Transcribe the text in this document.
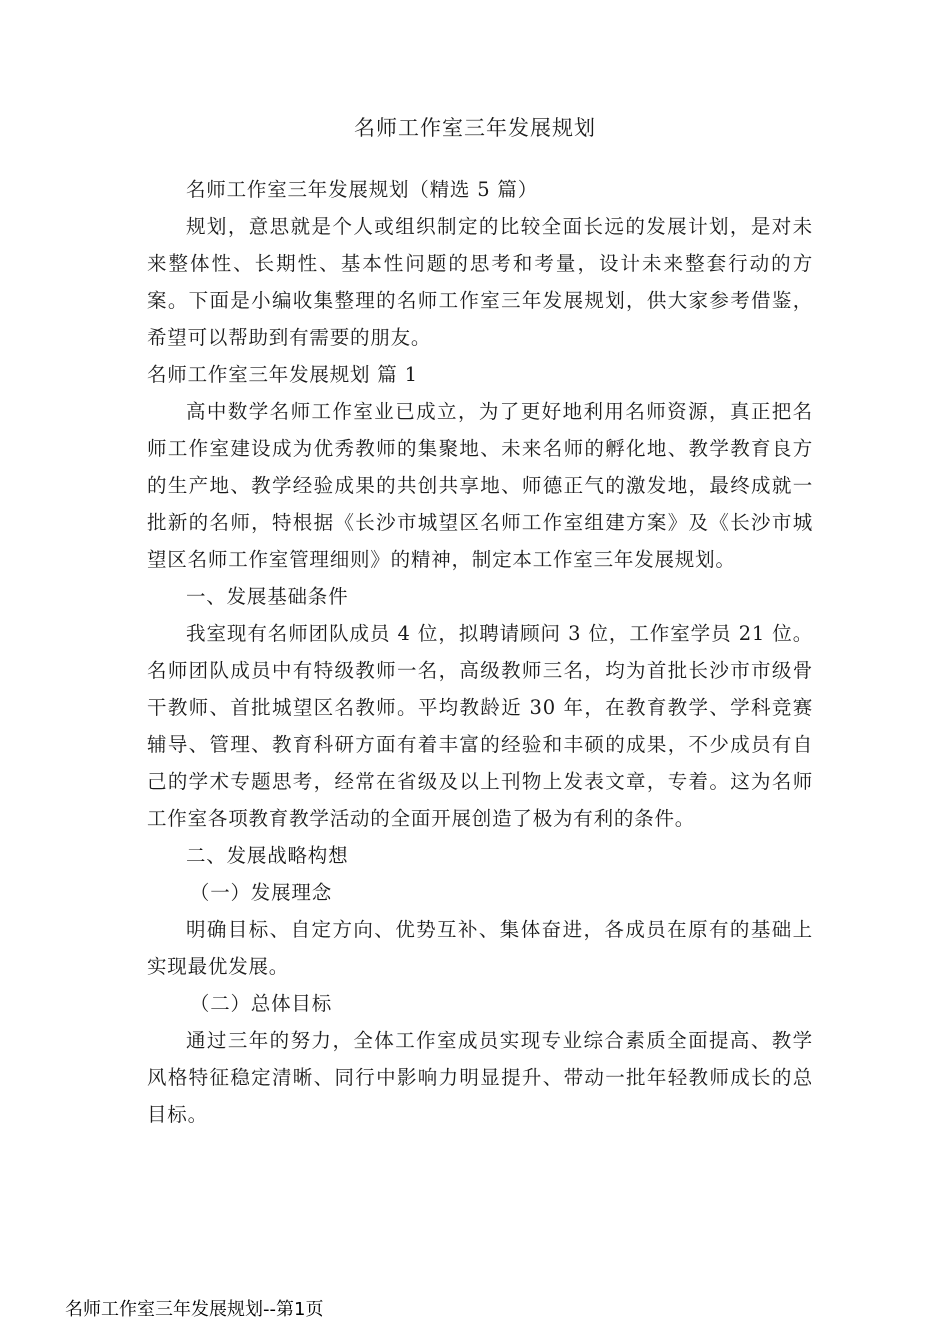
名师工作室三年发展规划

名师工作室三年发展规划（精选 5 篇）

规划，意思就是个人或组织制定的比较全面长远的发展计划，是对未来整体性、长期性、基本性问题的思考和考量，设计未来整套行动的方案。下面是小编收集整理的名师工作室三年发展规划，供大家参考借鉴，希望可以帮助到有需要的朋友。

名师工作室三年发展规划 篇 1

高中数学名师工作室业已成立，为了更好地利用名师资源，真正把名师工作室建设成为优秀教师的集聚地、未来名师的孵化地、教学教育良方的生产地、教学经验成果的共创共享地、师德正气的激发地，最终成就一批新的名师，特根据《长沙市城望区名师工作室组建方案》及《长沙市城望区名师工作室管理细则》的精神，制定本工作室三年发展规划。

一、发展基础条件

我室现有名师团队成员 4 位，拟聘请顾问 3 位，工作室学员 21 位。名师团队成员中有特级教师一名，高级教师三名，均为首批长沙市市级骨干教师、首批城望区名教师。平均教龄近 30 年，在教育教学、学科竞赛辅导、管理、教育科研方面有着丰富的经验和丰硕的成果，不少成员有自己的学术专题思考，经常在省级及以上刊物上发表文章，专着。这为名师工作室各项教育教学活动的全面开展创造了极为有利的条件。

二、发展战略构想

（一）发展理念

明确目标、自定方向、优势互补、集体奋进，各成员在原有的基础上实现最优发展。

（二）总体目标

通过三年的努力，全体工作室成员实现专业综合素质全面提高、教学风格特征稳定清晰、同行中影响力明显提升、带动一批年轻教师成长的总目标。

名师工作室三年发展规划--第1页
